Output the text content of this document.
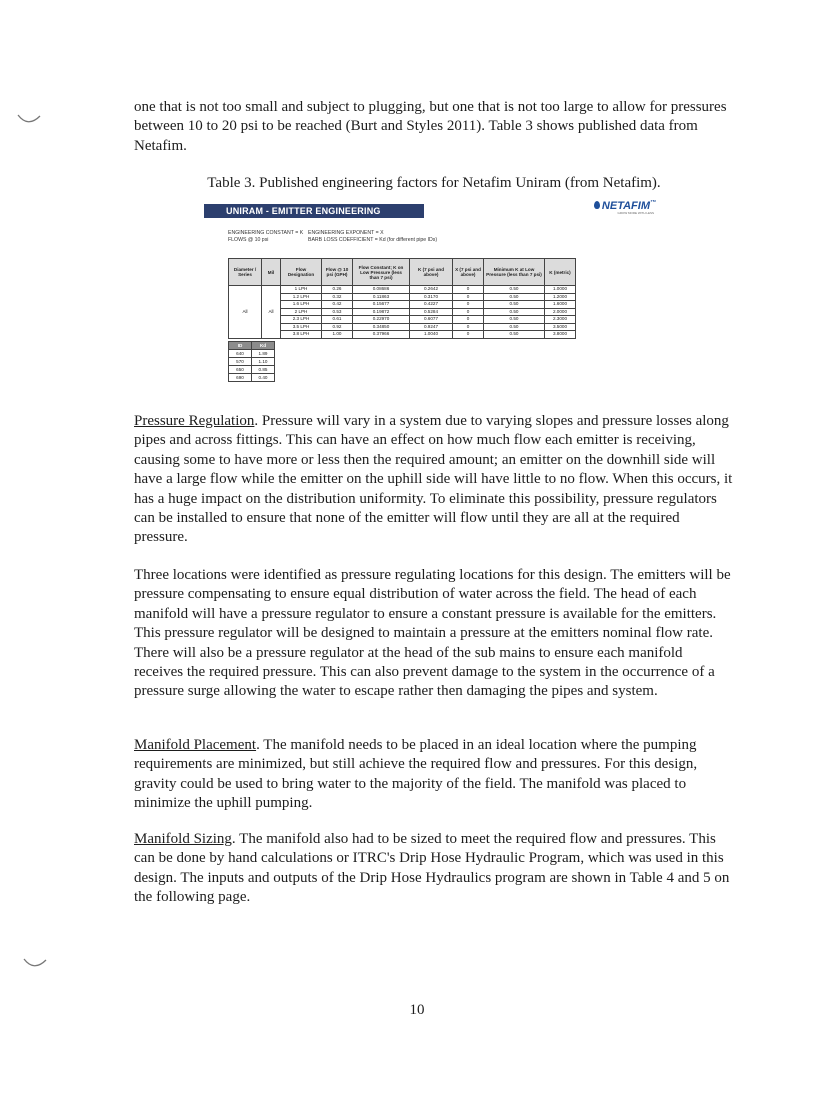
one that is not too small and subject to plugging, but one that is not too large to allow for pressures between 10 to 20 psi to be reached (Burt and Styles 2011). Table 3 shows published data from Netafim.

Table 3. Published engineering factors for Netafim Uniram (from Netafim).

UNIRAM - EMITTER ENGINEERING FACTORS
NETAFIM™
GROW MORE WITH LESS
ENGINEERING CONSTANT = K
FLOWS @ 10 psi
ENGINEERING EXPONENT = X
BARB LOSS COEFFICIENT = Kd (for different pipe IDs)
Diameter / Series	Mil	Flow Designation	Flow @ 10 psi (GPH)	Flow Constant; K on Low Pressure (less than 7 psi)	K (7 psi and above)	X (7 psi and above)	Minimum K at Low Pressure (less than 7 psi)	K (metric)
All	All	1 LPH	0.26	0.08686	0.2642	0	0.50	1.0000
		1.2 LPH	0.32	0.11863	0.3170	0	0.50	1.2000
		1.6 LPH	0.42	0.15677	0.4227	0	0.50	1.6000
		2 LPH	0.53	0.19872	0.5284	0	0.50	2.0000
		2.3 LPH	0.61	0.22970	0.6077	0	0.50	2.3000
		3.5 LPH	0.92	0.34850	0.9247	0	0.50	3.5000
		3.8 LPH	1.00	0.37966	1.0040	0	0.50	3.8000
ID	Kd
640	1.89
570	1.10
650	0.85
690	0.40

Pressure Regulation. Pressure will vary in a system due to varying slopes and pressure losses along pipes and across fittings. This can have an effect on how much flow each emitter is receiving, causing some to have more or less then the required amount; an emitter on the downhill side will have a large flow while the emitter on the uphill side will have little to no flow. When this occurs, it has a huge impact on the distribution uniformity. To eliminate this possibility, pressure regulators can be installed to ensure that none of the emitter will flow until they are all at the required pressure.

Three locations were identified as pressure regulating locations for this design. The emitters will be pressure compensating to ensure equal distribution of water across the field. The head of each manifold will have a pressure regulator to ensure a constant pressure is available for the emitters. This pressure regulator will be designed to maintain a pressure at the emitters nominal flow rate. There will also be a pressure regulator at the head of the sub mains to ensure each manifold receives the required pressure. This can also prevent damage to the system in the occurrence of a pressure surge allowing the water to escape rather then damaging the pipes and system.

Manifold Placement. The manifold needs to be placed in an ideal location where the pumping requirements are minimized, but still achieve the required flow and pressures. For this design, gravity could be used to bring water to the majority of the field. The manifold was placed to minimize the uphill pumping.

Manifold Sizing. The manifold also had to be sized to meet the required flow and pressures. This can be done by hand calculations or ITRC's Drip Hose Hydraulic Program, which was used in this design. The inputs and outputs of the Drip Hose Hydraulics program are shown in Table 4 and 5 on the following page.

10
